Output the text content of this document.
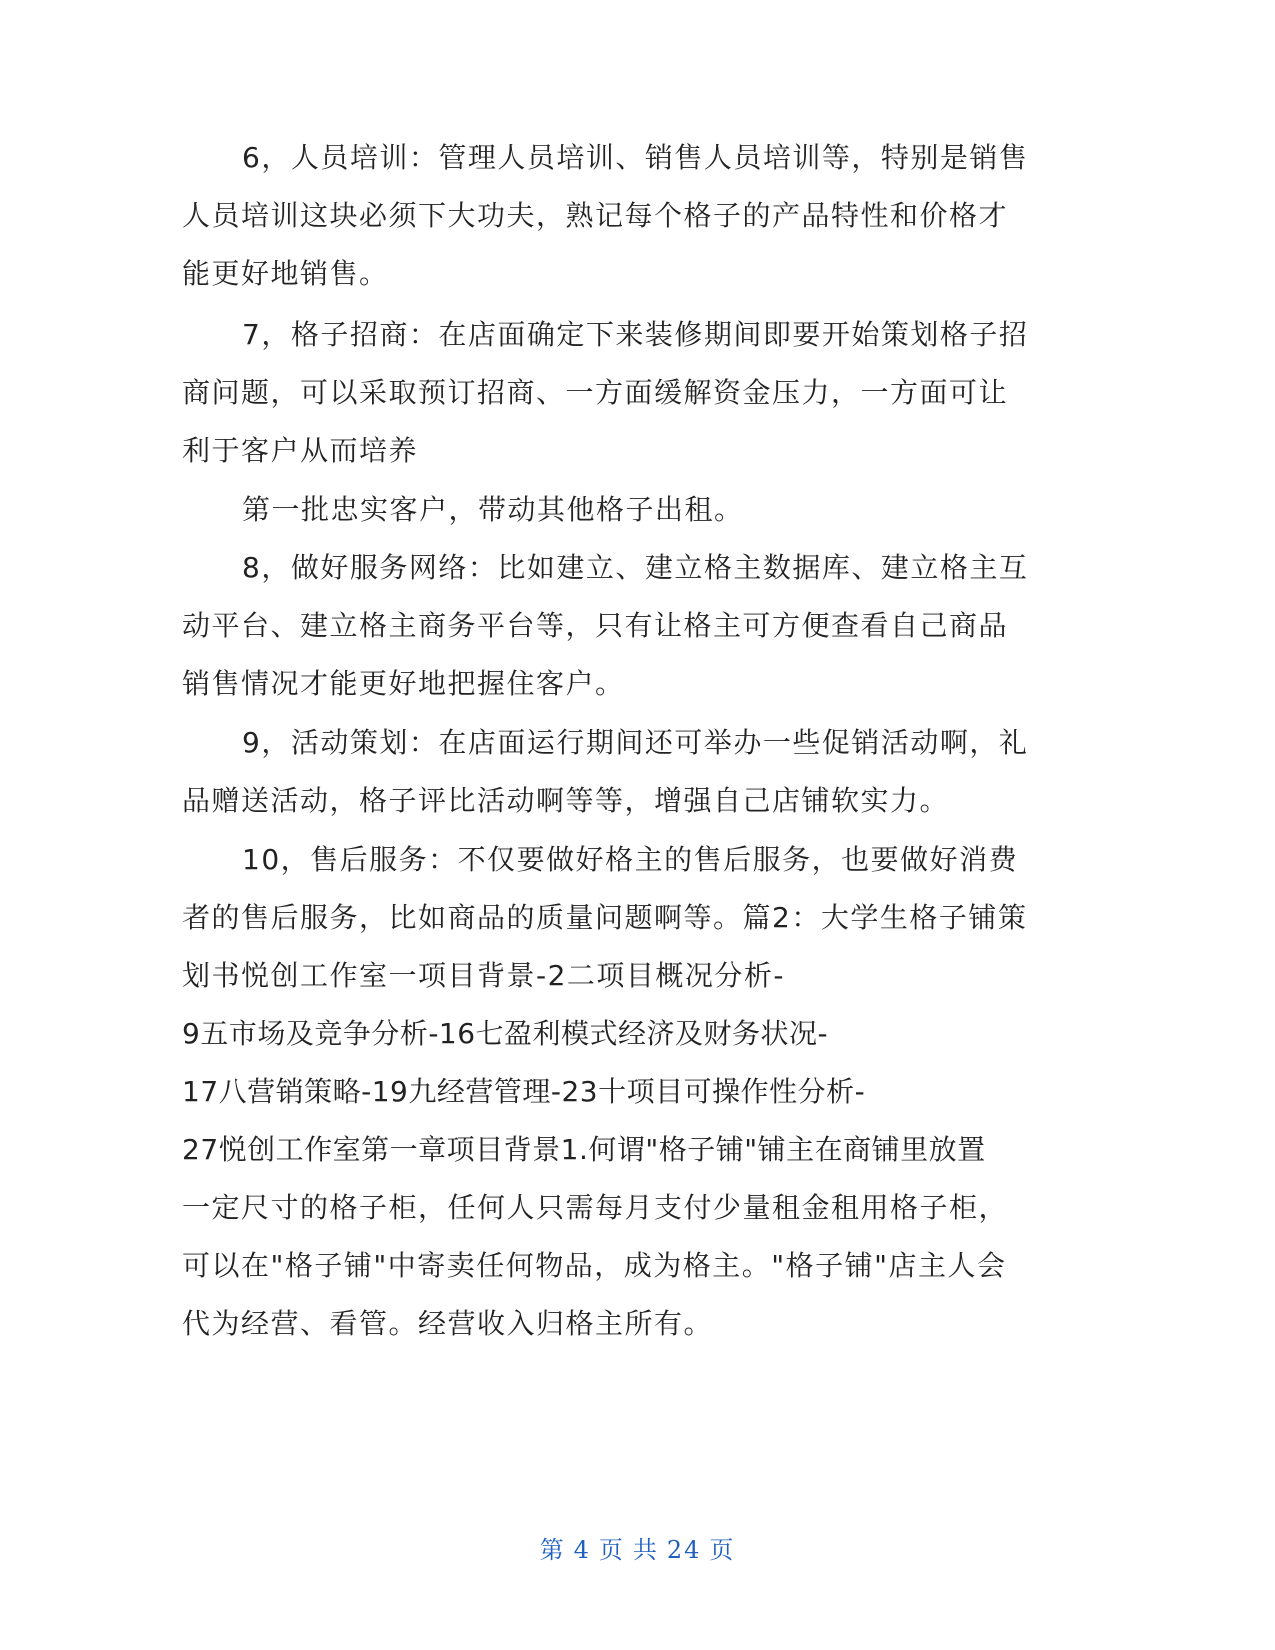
6，人员培训：管理人员培训、销售人员培训等，特别是销售
人员培训这块必须下大功夫，熟记每个格子的产品特性和价格才
能更好地销售。
7，格子招商：在店面确定下来装修期间即要开始策划格子招
商问题，可以采取预订招商、一方面缓解资金压力，一方面可让
利于客户从而培养
第一批忠实客户，带动其他格子出租。
8，做好服务网络：比如建立、建立格主数据库、建立格主互
动平台、建立格主商务平台等，只有让格主可方便查看自己商品
销售情况才能更好地把握住客户。
9，活动策划：在店面运行期间还可举办一些促销活动啊，礼
品赠送活动，格子评比活动啊等等，增强自己店铺软实力。
10，售后服务：不仅要做好格主的售后服务，也要做好消费
者的售后服务，比如商品的质量问题啊等。篇2：大学生格子铺策
划书悦创工作室一项目背景-2二项目概况分析-
9五市场及竞争分析-16七盈利模式经济及财务状况-
17八营销策略-19九经营管理-23十项目可操作性分析-
27悦创工作室第一章项目背景1.何谓"格子铺"铺主在商铺里放置
一定尺寸的格子柜，任何人只需每月支付少量租金租用格子柜，
可以在"格子铺"中寄卖任何物品，成为格主。"格子铺"店主人会
代为经营、看管。经营收入归格主所有。
第 4 页 共 24 页
